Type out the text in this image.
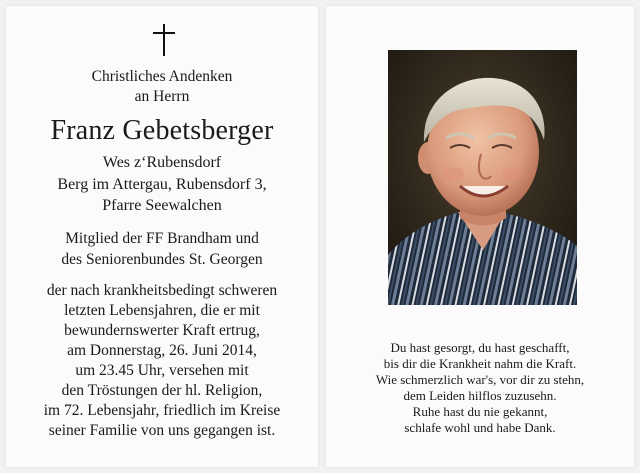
Christliches Andenken
an Herrn
Franz Gebetsberger
Wes z‘Rubensdorf
Berg im Attergau, Rubensdorf 3,
Pfarre Seewalchen
Mitglied der FF Brandham und
des Seniorenbundes St. Georgen
der nach krankheitsbedingt schweren
letzten Lebensjahren, die er mit
bewundernswerter Kraft ertrug,
am Donnerstag, 26. Juni 2014,
um 23.45 Uhr, versehen mit
den Tröstungen der hl. Religion,
im 72. Lebensjahr, friedlich im Kreise
seiner Familie von uns gegangen ist.
Du hast gesorgt, du hast geschafft,
bis dir die Krankheit nahm die Kraft.
Wie schmerzlich war's, vor dir zu stehn,
dem Leiden hilflos zuzusehn.
Ruhe hast du nie gekannt,
schlafe wohl und habe Dank.
